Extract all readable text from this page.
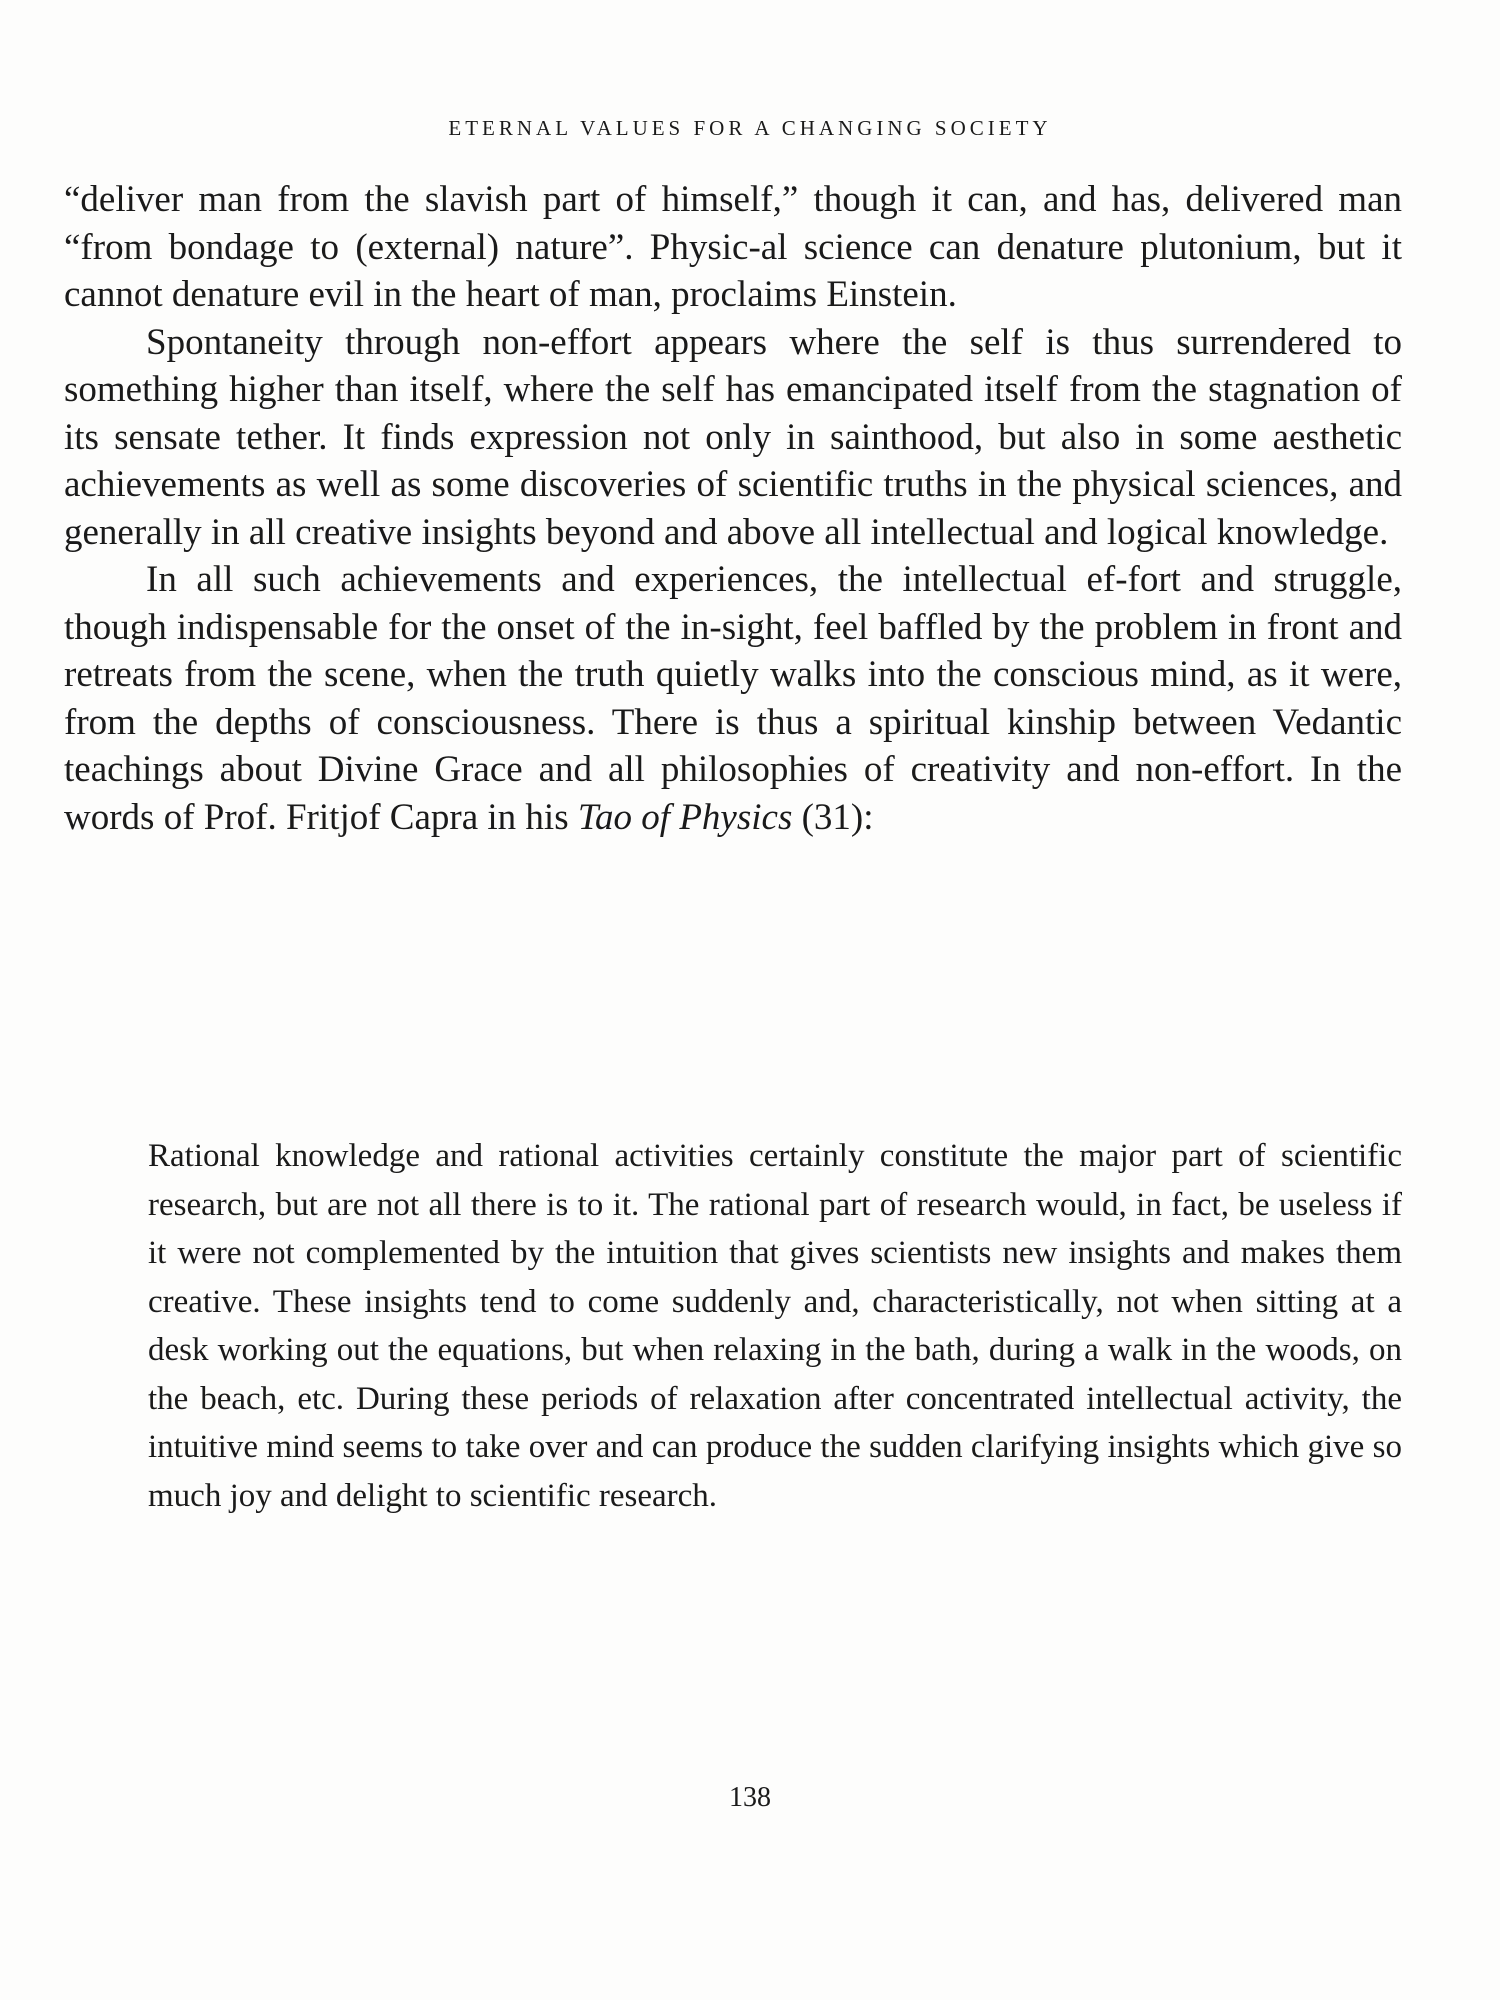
ETERNAL VALUES FOR A CHANGING SOCIETY

“deliver man from the slavish part of himself,” though it can, and has, delivered man “from bondage to (external) nature”. Physic-al science can denature plutonium, but it cannot denature evil in the heart of man, proclaims Einstein.

Spontaneity through non-effort appears where the self is thus surrendered to something higher than itself, where the self has emancipated itself from the stagnation of its sensate tether. It finds expression not only in sainthood, but also in some aesthetic achievements as well as some discoveries of scientific truths in the physical sciences, and generally in all creative insights beyond and above all intellectual and logical knowledge.

In all such achievements and experiences, the intellectual ef-fort and struggle, though indispensable for the onset of the in-sight, feel baffled by the problem in front and retreats from the scene, when the truth quietly walks into the conscious mind, as it were, from the depths of consciousness. There is thus a spiritual kinship between Vedantic teachings about Divine Grace and all philosophies of creativity and non-effort. In the words of Prof. Fritjof Capra in his Tao of Physics (31):

Rational knowledge and rational activities certainly constitute the major part of scientific research, but are not all there is to it. The rational part of research would, in fact, be useless if it were not complemented by the intuition that gives scientists new insights and makes them creative. These insights tend to come suddenly and, characteristically, not when sitting at a desk working out the equations, but when relaxing in the bath, during a walk in the woods, on the beach, etc. During these periods of relaxation after concentrated intellectual activity, the intuitive mind seems to take over and can produce the sudden clarifying insights which give so much joy and delight to scientific research.

138
